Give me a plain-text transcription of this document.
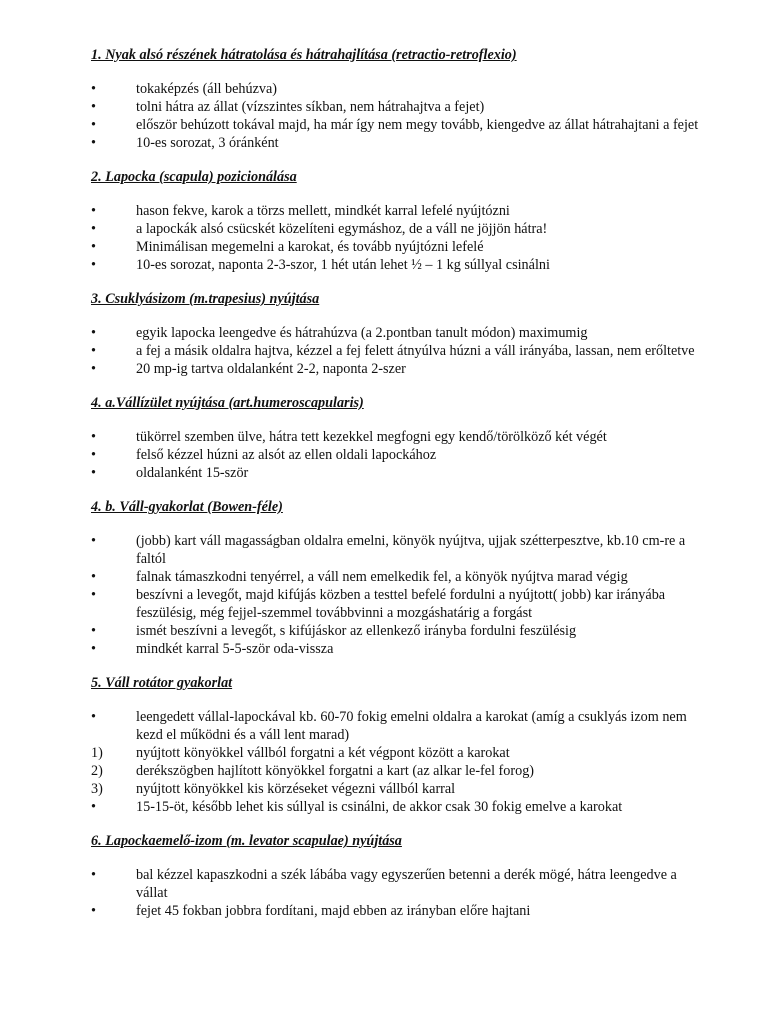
1. Nyak alsó részének hátratolása és hátrahajlítása (retractio-retroflexio)

•	tokaképzés (áll behúzva)
•	tolni hátra az állat (vízszintes síkban, nem hátrahajtva a fejet)
•	először behúzott tokával majd, ha már így nem megy tovább, kiengedve az állat hátrahajtani a fejet
•	10-es sorozat, 3 óránként

2. Lapocka (scapula) pozicionálása

•	hason fekve, karok a törzs mellett, mindkét karral lefelé nyújtózni
•	a lapockák alsó csücskét közelíteni egymáshoz, de a váll ne jöjjön hátra!
•	Minimálisan megemelni a karokat, és tovább nyújtózni lefelé
•	10-es sorozat, naponta 2-3-szor, 1 hét után lehet ½ – 1 kg súllyal csinálni

3. Csuklyásizom (m.trapesius) nyújtása

•	egyik lapocka leengedve és hátrahúzva (a 2.pontban tanult módon) maximumig
•	a fej a másik oldalra hajtva, kézzel a fej felett átnyúlva húzni a váll irányába, lassan, nem erőltetve
•	20 mp-ig tartva oldalanként 2-2, naponta 2-szer

4. a.Vállízület nyújtása (art.humeroscapularis)

•	tükörrel szemben ülve, hátra tett kezekkel megfogni egy kendő/törölköző két végét
•	felső kézzel húzni az alsót az ellen oldali lapockához
•	oldalanként 15-ször

4. b. Váll-gyakorlat (Bowen-féle)

•	(jobb) kart váll magasságban oldalra emelni, könyök nyújtva, ujjak szétterpesztve, kb.10 cm-re a faltól
•	falnak támaszkodni tenyérrel, a váll nem emelkedik fel, a könyök nyújtva marad végig
•	beszívni a levegőt, majd kifújás közben a testtel befelé fordulni a nyújtott( jobb) kar irányába feszülésig, még fejjel-szemmel továbbvinni a mozgáshatárig a forgást
•	ismét beszívni a levegőt, s kifújáskor az ellenkező irányba fordulni feszülésig
•	mindkét karral 5-5-ször oda-vissza

5. Váll rotátor gyakorlat

•	leengedett vállal-lapockával kb. 60-70 fokig emelni oldalra a karokat (amíg a csuklyás izom nem kezd el működni és a váll lent marad)
1)	nyújtott könyökkel vállból forgatni a két végpont között a karokat
2)	derékszögben hajlított könyökkel forgatni a kart (az alkar le-fel forog)
3)	nyújtott könyökkel kis körzéseket végezni vállból karral
•	15-15-öt, később lehet kis súllyal is csinálni, de akkor csak 30 fokig emelve a karokat

6. Lapockaemelő-izom (m. levator scapulae) nyújtása

•	bal kézzel kapaszkodni a szék lábába vagy egyszerűen betenni a derék mögé, hátra leengedve a vállat
•	fejet 45 fokban jobbra fordítani, majd ebben az irányban előre hajtani
